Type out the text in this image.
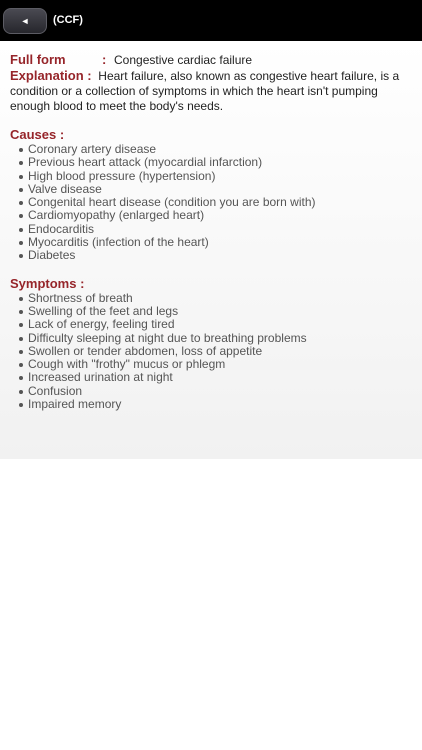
◄ (CCF)
Full form	: Congestive cardiac failure
Explanation : Heart failure, also known as congestive heart failure, is a condition or a collection of symptoms in which the heart isn't pumping enough blood to meet the body's needs.
Causes :
Coronary artery disease
Previous heart attack (myocardial infarction)
High blood pressure (hypertension)
Valve disease
Congenital heart disease (condition you are born with)
Cardiomyopathy (enlarged heart)
Endocarditis
Myocarditis (infection of the heart)
Diabetes
Symptoms :
Shortness of breath
Swelling of the feet and legs
Lack of energy, feeling tired
Difficulty sleeping at night due to breathing problems
Swollen or tender abdomen, loss of appetite
Cough with "frothy" mucus or phlegm
Increased urination at night
Confusion
Impaired memory
